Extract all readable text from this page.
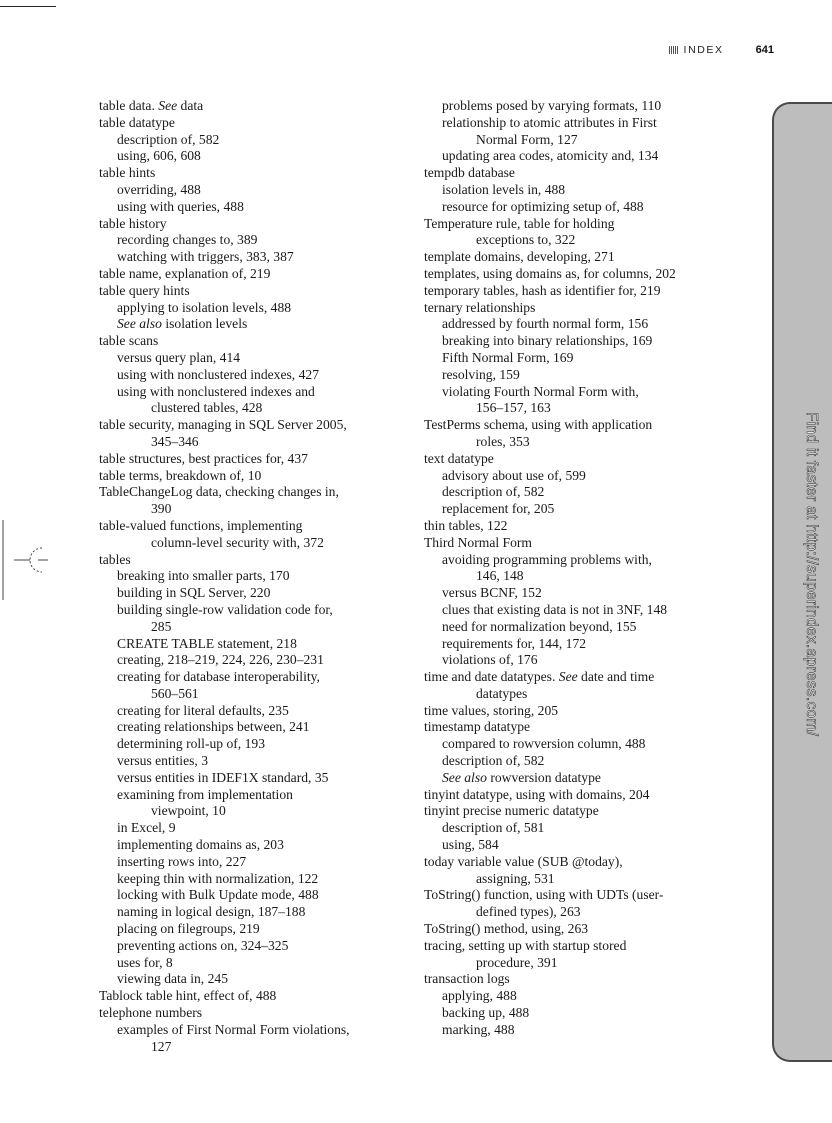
INDEX	641
table data. See data
table datatype
description of, 582
using, 606, 608
table hints
overriding, 488
using with queries, 488
table history
recording changes to, 389
watching with triggers, 383, 387
table name, explanation of, 219
table query hints
applying to isolation levels, 488
See also isolation levels
table scans
versus query plan, 414
using with nonclustered indexes, 427
using with nonclustered indexes and
clustered tables, 428
table security, managing in SQL Server 2005,
345–346
table structures, best practices for, 437
table terms, breakdown of, 10
TableChangeLog data, checking changes in,
390
table-valued functions, implementing
column-level security with, 372
tables
breaking into smaller parts, 170
building in SQL Server, 220
building single-row validation code for,
285
CREATE TABLE statement, 218
creating, 218–219, 224, 226, 230–231
creating for database interoperability,
560–561
creating for literal defaults, 235
creating relationships between, 241
determining roll-up of, 193
versus entities, 3
versus entities in IDEF1X standard, 35
examining from implementation
viewpoint, 10
in Excel, 9
implementing domains as, 203
inserting rows into, 227
keeping thin with normalization, 122
locking with Bulk Update mode, 488
naming in logical design, 187–188
placing on filegroups, 219
preventing actions on, 324–325
uses for, 8
viewing data in, 245
Tablock table hint, effect of, 488
telephone numbers
examples of First Normal Form violations,
127
problems posed by varying formats, 110
relationship to atomic attributes in First
Normal Form, 127
updating area codes, atomicity and, 134
tempdb database
isolation levels in, 488
resource for optimizing setup of, 488
Temperature rule, table for holding
exceptions to, 322
template domains, developing, 271
templates, using domains as, for columns, 202
temporary tables, hash as identifier for, 219
ternary relationships
addressed by fourth normal form, 156
breaking into binary relationships, 169
Fifth Normal Form, 169
resolving, 159
violating Fourth Normal Form with,
156–157, 163
TestPerms schema, using with application
roles, 353
text datatype
advisory about use of, 599
description of, 582
replacement for, 205
thin tables, 122
Third Normal Form
avoiding programming problems with,
146, 148
versus BCNF, 152
clues that existing data is not in 3NF, 148
need for normalization beyond, 155
requirements for, 144, 172
violations of, 176
time and date datatypes. See date and time
datatypes
time values, storing, 205
timestamp datatype
compared to rowversion column, 488
description of, 582
See also rowversion datatype
tinyint datatype, using with domains, 204
tinyint precise numeric datatype
description of, 581
using, 584
today variable value (SUB @today),
assigning, 531
ToString() function, using with UDTs (user-
defined types), 263
ToString() method, using, 263
tracing, setting up with startup stored
procedure, 391
transaction logs
applying, 488
backing up, 488
marking, 488
Find it faster at http://superindex.apress.com/
